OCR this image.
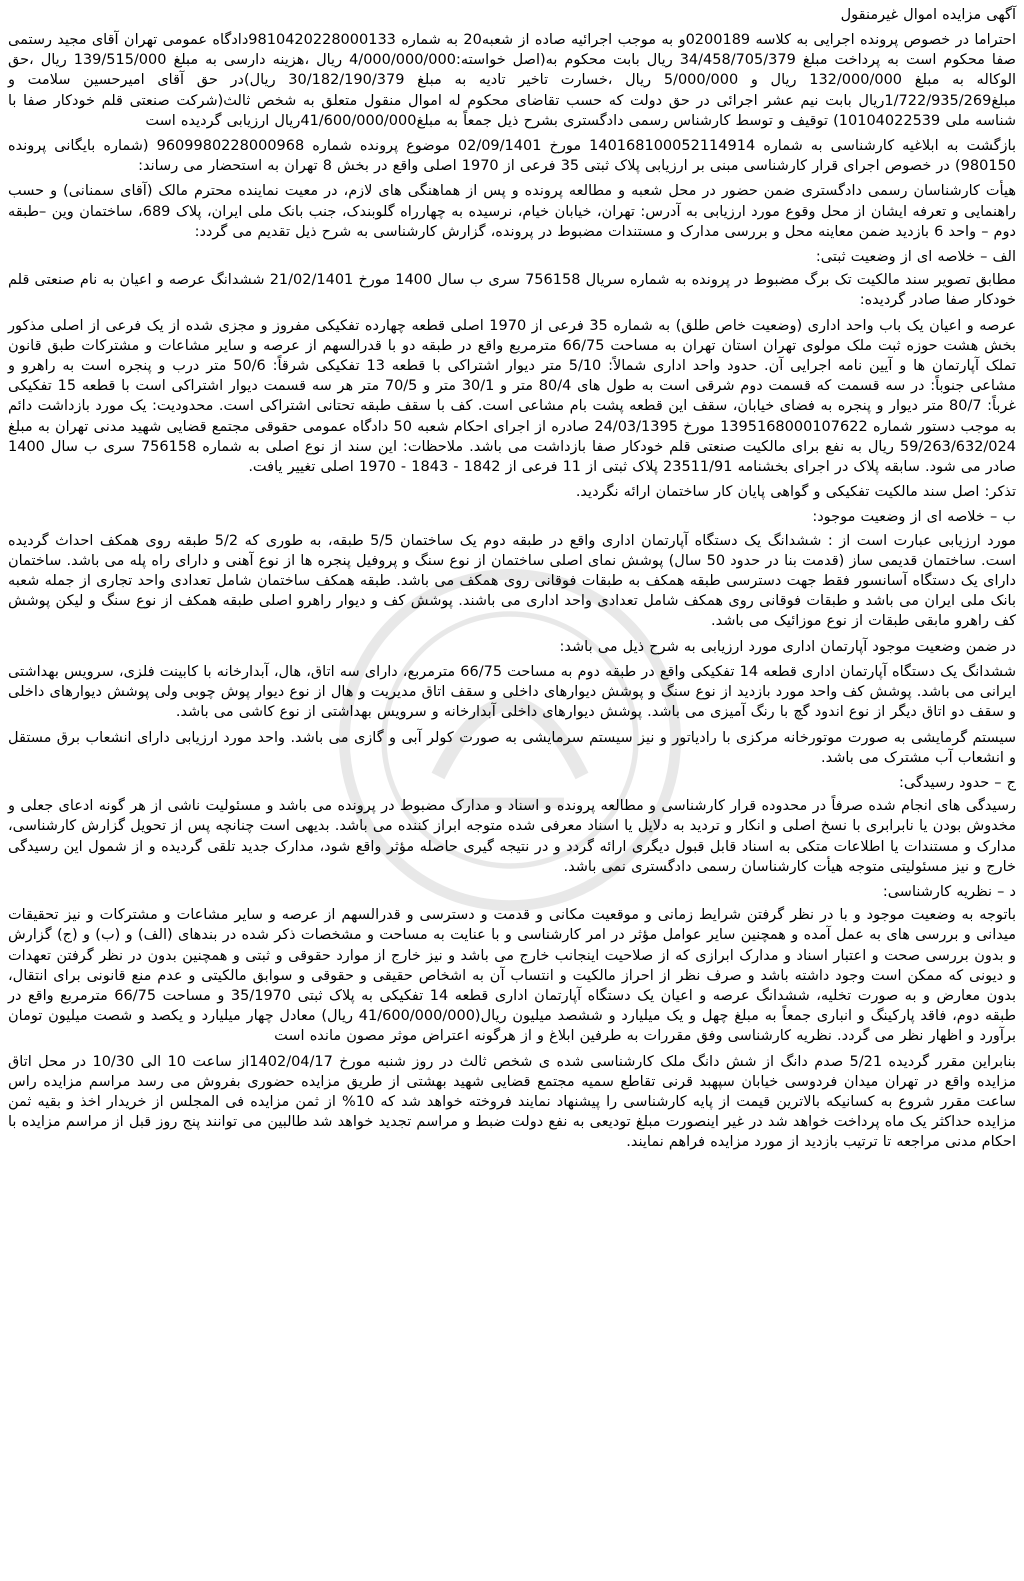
آگهی مزایده اموال غیرمنقول

احتراما در خصوص پرونده اجرایی به کلاسه 0200189و به موجب اجرائیه صاده از شعبه20 به شماره 9810420228000133دادگاه عمومی تهران آقای مجید رستمی صفا محکوم است به پرداخت مبلغ 34/458/705/379 ریال بابت محکوم به(اصل خواسته:4/000/000/000 ریال ،هزینه دارسی به مبلغ 139/515/000 ریال ،حق الوکاله به مبلغ 132/000/000 ریال و 5/000/000 ریال ،خسارت تاخیر تادیه به مبلغ 30/182/190/379 ریال)در حق آقای امیرحسین سلامت و مبلغ1/722/935/269ریال بابت نیم عشر اجرائی در حق دولت که حسب تقاضای محکوم له اموال منقول متعلق به شخص ثالث(شرکت صنعتی قلم خودکار صفا با شناسه ملی 10104022539) توقیف و توسط کارشناس رسمی دادگستری بشرح ذیل جمعاً به مبلغ41/600/000/000ریال ارزیابی گردیده است

بازگشت به ابلاغیه کارشناسی به شماره 140168100052114914 مورخ 02/09/1401 موضوع پرونده شماره 9609980228000968 (شماره بایگانی پرونده 980150) در خصوص اجرای قرار کارشناسی مبنی بر ارزیابی پلاک ثبتی 35 فرعی از 1970 اصلی واقع در بخش 8 تهران به استحضار می رساند:

هیأت کارشناسان رسمی دادگستری ضمن حضور در محل شعبه و مطالعه پرونده و پس از هماهنگی های لازم، در معیت نماینده محترم مالک (آقای سمنانی) و حسب راهنمایی و تعرفه ایشان از محل وقوع مورد ارزیابی به آدرس: تهران، خیابان خیام، نرسیده به چهارراه گلوبندک، جنب بانک ملی ایران، پلاک 689، ساختمان وین –طبقه دوم – واحد 6 بازدید ضمن معاینه محل و بررسی مدارک و مستندات مضبوط در پرونده، گزارش کارشناسی به شرح ذیل تقدیم می گردد:

الف – خلاصه ای از وضعیت ثبتی:

مطابق تصویر سند مالکیت تک برگ مضبوط در پرونده به شماره سریال 756158 سری ب سال 1400 مورخ 21/02/1401 ششدانگ عرصه و اعیان به نام صنعتی قلم خودکار صفا صادر گردیده:

عرصه و اعیان یک باب واحد اداری (وضعیت خاص طلق) به شماره 35 فرعی از 1970 اصلی قطعه چهارده تفکیکی مفروز و مجزی شده از یک فرعی از اصلی مذکور بخش هشت حوزه ثبت ملک مولوی تهران استان تهران به مساحت 66/75 مترمربع واقع در طبقه دو با قدرالسهم از عرصه و سایر مشاعات و مشترکات طبق قانون تملک آپارتمان ها و آیین نامه اجرایی آن. حدود واحد اداری شمالاً: 5/10 متر دیوار اشتراکی با قطعه 13 تفکیکی شرقاً: 50/6 متر درب و پنجره است به راهرو و مشاعی جنوباً: در سه قسمت که قسمت دوم شرقی است به طول های 80/4 متر و 30/1 متر و 70/5 متر هر سه قسمت دیوار اشتراکی است با قطعه 15 تفکیکی غرباً: 80/7 متر دیوار و پنجره به فضای خیابان، سقف این قطعه پشت بام مشاعی است. کف با سقف طبقه تحتانی اشتراکی است. محدودیت: یک مورد بازداشت دائم به موجب دستور شماره 1395168000107622 مورخ 24/03/1395 صادره از اجرای احکام شعبه 50 دادگاه عمومی حقوقی مجتمع قضایی شهید مدنی تهران به مبلغ 59/263/632/024 ریال به نفع برای مالکیت صنعتی قلم خودکار صفا بازداشت می باشد. ملاحظات: این سند از نوع اصلی به شماره 756158 سری ب سال 1400 صادر می شود. سابقه پلاک در اجرای بخشنامه 23511/91 پلاک ثبتی از 11 فرعی از 1842 - 1843 - 1970 اصلی تغییر یافت.

تذکر: اصل سند مالکیت تفکیکی و گواهی پایان کار ساختمان ارائه نگردید.

ب – خلاصه ای از وضعیت موجود:

مورد ارزیابی عبارت است از : ششدانگ یک دستگاه آپارتمان اداری واقع در طبقه دوم یک ساختمان 5/5 طبقه، به طوری که 5/2 طبقه روی همکف احداث گردیده است. ساختمان قدیمی ساز (قدمت بنا در حدود 50 سال) پوشش نمای اصلی ساختمان از نوع سنگ و پروفیل پنجره ها از نوع آهنی و دارای راه پله می باشد. ساختمان دارای یک دستگاه آسانسور فقط جهت دسترسی طبقه همکف به طبقات فوقانی روی همکف می باشد. طبقه همکف ساختمان شامل تعدادی واحد تجاری از جمله شعبه بانک ملی ایران می باشد و طبقات فوقانی روی همکف شامل تعدادی واحد اداری می باشند. پوشش کف و دیوار راهرو اصلی طبقه همکف از نوع سنگ و لیکن پوشش کف راهرو مابقی طبقات از نوع موزائیک می باشد.

در ضمن وضعیت موجود آپارتمان اداری مورد ارزیابی به شرح ذیل می باشد:

ششدانگ یک دستگاه آپارتمان اداری قطعه 14 تفکیکی واقع در طبقه دوم به مساحت 66/75 مترمربع، دارای سه اتاق، هال، آبدارخانه با کابینت فلزی، سرویس بهداشتی ایرانی می باشد. پوشش کف واحد مورد بازدید از نوع سنگ و پوشش دیوارهای داخلی و سقف اتاق مدیریت و هال از نوع دیوار پوش چوبی ولی پوشش دیوارهای داخلی و سقف دو اتاق دیگر از نوع اندود گچ با رنگ آمیزی می باشد. پوشش دیوارهای داخلی آبدارخانه و سرویس بهداشتی از نوع کاشی می باشد.

سیستم گرمایشی به صورت موتورخانه مرکزی با رادیاتور و نیز سیستم سرمایشی به صورت کولر آبی و گازی می باشد. واحد مورد ارزیابی دارای انشعاب برق مستقل و انشعاب آب مشترک می باشد.

ج – حدود رسیدگی:

رسیدگی های انجام شده صرفاً در محدوده قرار کارشناسی و مطالعه پرونده و اسناد و مدارک مضبوط در پرونده می باشد و مسئولیت ناشی از هر گونه ادعای جعلی و مخدوش بودن یا نابرابری با نسخ اصلی و انکار و تردید به دلایل یا اسناد معرفی شده متوجه ابراز کننده می باشد. بدیهی است چنانچه پس از تحویل گزارش کارشناسی، مدارک و مستندات یا اطلاعات متکی به اسناد قابل قبول دیگری ارائه گردد و در نتیجه گیری حاصله مؤثر واقع شود، مدارک جدید تلقی گردیده و از شمول این رسیدگی خارج و نیز مسئولیتی متوجه هیأت کارشناسان رسمی دادگستری نمی باشد.

د – نظریه کارشناسی:

باتوجه به وضعیت موجود و با در نظر گرفتن شرایط زمانی و موقعیت مکانی و قدمت و دسترسی و قدرالسهم از عرصه و سایر مشاعات و مشترکات و نیز تحقیقات میدانی و بررسی های به عمل آمده و همچنین سایر عوامل مؤثر در امر کارشناسی و با عنایت به مساحت و مشخصات ذکر شده در بندهای (الف) و (ب) و (ج) گزارش و بدون بررسی صحت و اعتبار اسناد و مدارک ابرازی که از صلاحیت اینجانب خارج می باشد و نیز خارج از موارد حقوقی و ثبتی و همچنین بدون در نظر گرفتن تعهدات و دیونی که ممکن است وجود داشته باشد و صرف نظر از احراز مالکیت و انتساب آن به اشخاص حقیقی و حقوقی و سوابق مالکیتی و عدم منع قانونی برای انتقال، بدون معارض و به صورت تخلیه، ششدانگ عرصه و اعیان یک دستگاه آپارتمان اداری قطعه 14 تفکیکی به پلاک ثبتی 35/1970 و مساحت 66/75 مترمربع واقع در طبقه دوم، فاقد پارکینگ و انباری جمعاً به مبلغ چهل و یک میلیارد و ششصد میلیون ریال(41/600/000/000 ریال) معادل چهار میلیارد و یکصد و شصت میلیون تومان برآورد و اظهار نظر می گردد. نظریه کارشناسی وفق مقررات به طرفین ابلاغ و از هرگونه اعتراض موثر مصون مانده است

بنابراین مقرر گردیده 5/21 صدم دانگ از شش دانگ ملک کارشناسی شده ی شخص ثالث در روز شنبه مورخ 1402/04/17از ساعت 10 الی 10/30 در محل اتاق مزایده واقع در تهران میدان فردوسی خیابان سپهبد قرنی تقاطع سمیه مجتمع قضایی شهید بهشتی از طریق مزایده حضوری بفروش می رسد مراسم مزایده راس ساعت مقرر شروع به کسانیکه بالاترین قیمت از پایه کارشناسی را پیشنهاد نمایند فروخته خواهد شد که 10% از ثمن مزایده فی المجلس از خریدار اخذ و بقیه ثمن مزایده حداکثر یک ماه پرداخت خواهد شد در غیر اینصورت مبلغ تودیعی به نفع دولت ضبط و مراسم تجدید خواهد شد طالبین می توانند پنج روز قبل از مراسم مزایده با احکام مدنی مراجعه تا ترتیب بازدید از مورد مزایده فراهم نمایند.
